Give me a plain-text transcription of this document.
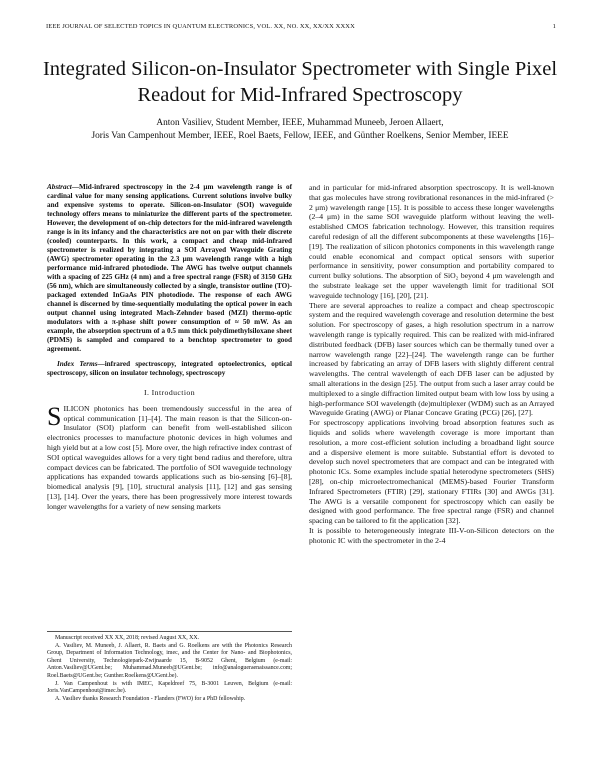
IEEE JOURNAL OF SELECTED TOPICS IN QUANTUM ELECTRONICS, VOL. XX, NO. XX, XX/XX XXXX	1
Integrated Silicon-on-Insulator Spectrometer with Single Pixel Readout for Mid-Infrared Spectroscopy
Anton Vasiliev, Student Member, IEEE, Muhammad Muneeb, Jeroen Allaert,
Joris Van Campenhout Member, IEEE, Roel Baets, Fellow, IEEE, and Günther Roelkens, Senior Member, IEEE

Abstract—Mid-infrared spectroscopy in the 2-4 μm wavelength range is of cardinal value for many sensing applications. Current solutions involve bulky and expensive systems to operate. Silicon-on-Insulator (SOI) waveguide technology offers means to miniaturize the different parts of the spectrometer. However, the development of on-chip detectors for the mid-infrared wavelength range is in its infancy and the characteristics are not on par with their discrete (cooled) counterparts. In this work, a compact and cheap mid-infrared spectrometer is realized by integrating a SOI Arrayed Waveguide Grating (AWG) spectrometer operating in the 2.3 μm wavelength range with a high performance mid-infrared photodiode. The AWG has twelve output channels with a spacing of 225 GHz (4 nm) and a free spectral range (FSR) of 3150 GHz (56 nm), which are simultaneously collected by a single, transistor outline (TO)-packaged extended InGaAs PIN photodiode. The response of each AWG channel is discerned by time-sequentially modulating the optical power in each output channel using integrated Mach-Zehnder based (MZI) thermo-optic modulators with a π-phase shift power consumption of ≈ 50 mW. As an example, the absorption spectrum of a 0.5 mm thick polydimethylsiloxane sheet (PDMS) is sampled and compared to a benchtop spectrometer to good agreement.

Index Terms—infrared spectroscopy, integrated optoelectronics, optical spectroscopy, silicon on insulator technology, spectroscopy

I. Introduction

SILICON photonics has been tremendously successful in the area of optical communication [1]–[4]. The main reason is that the Silicon-on-Insulator (SOI) platform can benefit from well-established silicon electronics processes to manufacture photonic devices in high volumes and high yield but at a low cost [5]. More over, the high refractive index contrast of SOI optical waveguides allows for a very tight bend radius and therefore, ultra compact devices can be fabricated. The portfolio of SOI waveguide technology applications has expanded towards applications such as bio-sensing [6]–[8], biomedical analysis [9], [10], structural analysis [11], [12] and gas sensing [13], [14]. Over the years, there has been progressively more interest towards longer wavelengths for a variety of new sensing markets

Manuscript received XX XX, 2018; revised August XX, XX.

A. Vasiliev, M. Muneeb, J. Allaert, R. Baets and G. Roelkens are with the Photonics Research Group, Department of Information Technology, imec, and the Center for Nano- and Biophotonics, Ghent University, Technologiepark-Zwijnaarde 15, B-9052 Ghent, Belgium (e-mail: Anton.Vasiliev@UGent.be; Muhammad.Muneeb@UGent.be; info@analogueraenaissance.com; Roel.Baets@UGent.be; Gunther.Roelkens@UGent.be).

J. Van Campenhout is with IMEC, Kapeldreef 75, B-3001 Leuven, Belgium (e-mail: Joris.VanCampenhout@imec.be).

A. Vasiliev thanks Research Foundation - Flanders (FWO) for a PhD fellowship.

and in particular for mid-infrared absorption spectroscopy. It is well-known that gas molecules have strong rovibrational resonances in the mid-infrared (> 2 μm) wavelength range [15]. It is possible to access these longer wavelengths (2–4 μm) in the same SOI waveguide platform without leaving the well-established CMOS fabrication technology. However, this transition requires careful redesign of all the different subcomponents at these wavelengths [16]–[19]. The realization of silicon photonics components in this wavelength range could enable economical and compact optical sensors with superior performance in sensitivity, power consumption and portability compared to current bulky solutions. The absorption of SiO₂ beyond 4 μm wavelength and the substrate leakage set the upper wavelength limit for traditional SOI waveguide technology [16], [20], [21].

There are several approaches to realize a compact and cheap spectroscopic system and the required wavelength coverage and resolution determine the best solution. For spectroscopy of gases, a high resolution spectrum in a narrow wavelength range is typically required. This can be realized with mid-infrared distributed feedback (DFB) laser sources which can be thermally tuned over a narrow wavelength range [22]–[24]. The wavelength range can be further increased by fabricating an array of DFB lasers with slightly different central wavelengths. The central wavelength of each DFB laser can be adjusted by small alterations in the design [25]. The output from such a laser array could be multiplexed to a single diffraction limited output beam with low loss by using a high-performance SOI wavelength (de)multiplexer (WDM) such as an Arrayed Waveguide Grating (AWG) or Planar Concave Grating (PCG) [26], [27].

For spectroscopy applications involving broad absorption features such as liquids and solids where wavelength coverage is more important than resolution, a more cost-efficient solution including a broadband light source and a dispersive element is more suitable. Substantial effort is devoted to develop such novel spectrometers that are compact and can be integrated with photonic ICs. Some examples include spatial heterodyne spectrometers (SHS) [28], on-chip microelectromechanical (MEMS)-based Fourier Transform Infrared Spectrometers (FTIR) [29], stationary FTIRs [30] and AWGs [31]. The AWG is a versatile component for spectroscopy which can easily be designed with good performance. The free spectral range (FSR) and channel spacing can be tailored to fit the application [32].

It is possible to heterogeneously integrate III-V-on-Silicon detectors on the photonic IC with the spectrometer in the 2-4
